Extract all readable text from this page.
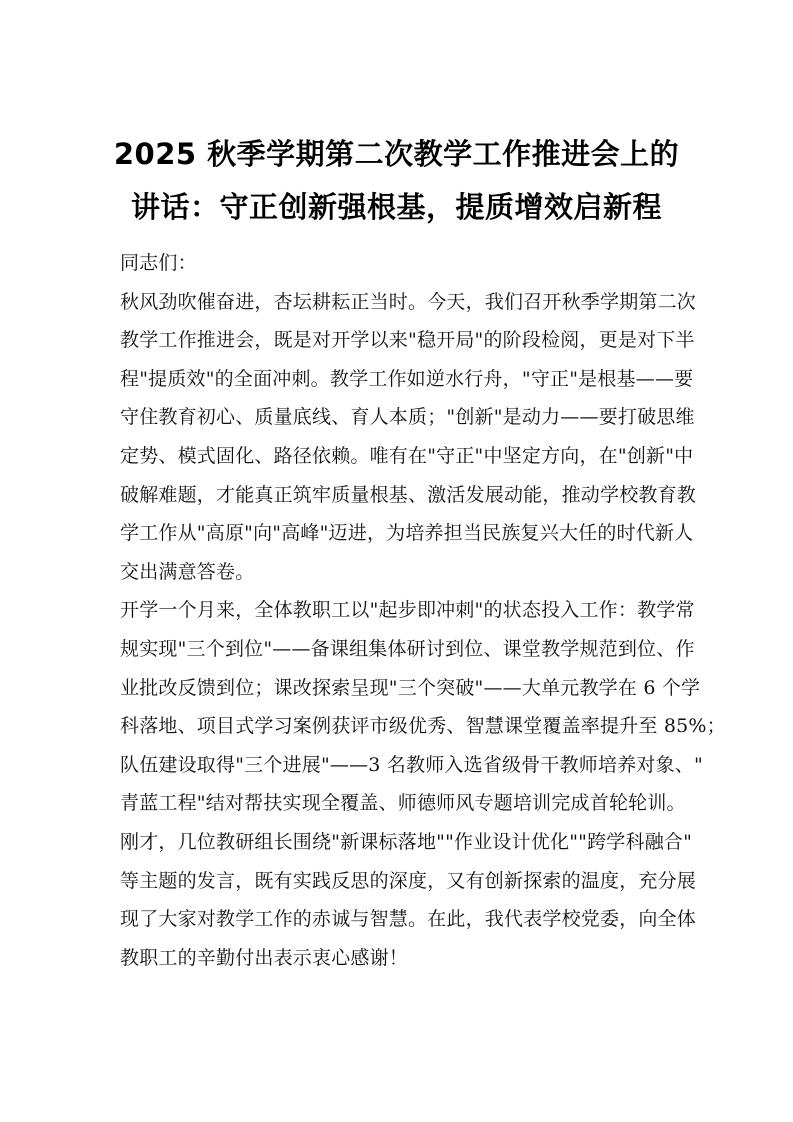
2025 秋季学期第二次教学工作推进会上的
讲话：守正创新强根基，提质增效启新程
同志们：
秋风劲吹催奋进，杏坛耕耘正当时。今天，我们召开秋季学期第二次
教学工作推进会，既是对开学以来"稳开局"的阶段检阅，更是对下半
程"提质效"的全面冲刺。教学工作如逆水行舟，"守正"是根基——要
守住教育初心、质量底线、育人本质；"创新"是动力——要打破思维
定势、模式固化、路径依赖。唯有在"守正"中坚定方向，在"创新"中
破解难题，才能真正筑牢质量根基、激活发展动能，推动学校教育教
学工作从"高原"向"高峰"迈进，为培养担当民族复兴大任的时代新人
交出满意答卷。
开学一个月来，全体教职工以"起步即冲刺"的状态投入工作：教学常
规实现"三个到位"——备课组集体研讨到位、课堂教学规范到位、作
业批改反馈到位；课改探索呈现"三个突破"——大单元教学在 6 个学
科落地、项目式学习案例获评市级优秀、智慧课堂覆盖率提升至 85%；
队伍建设取得"三个进展"——3 名教师入选省级骨干教师培养对象、"
青蓝工程"结对帮扶实现全覆盖、师德师风专题培训完成首轮轮训。
刚才，几位教研组长围绕"新课标落地""作业设计优化""跨学科融合"
等主题的发言，既有实践反思的深度，又有创新探索的温度，充分展
现了大家对教学工作的赤诚与智慧。在此，我代表学校党委，向全体
教职工的辛勤付出表示衷心感谢！
